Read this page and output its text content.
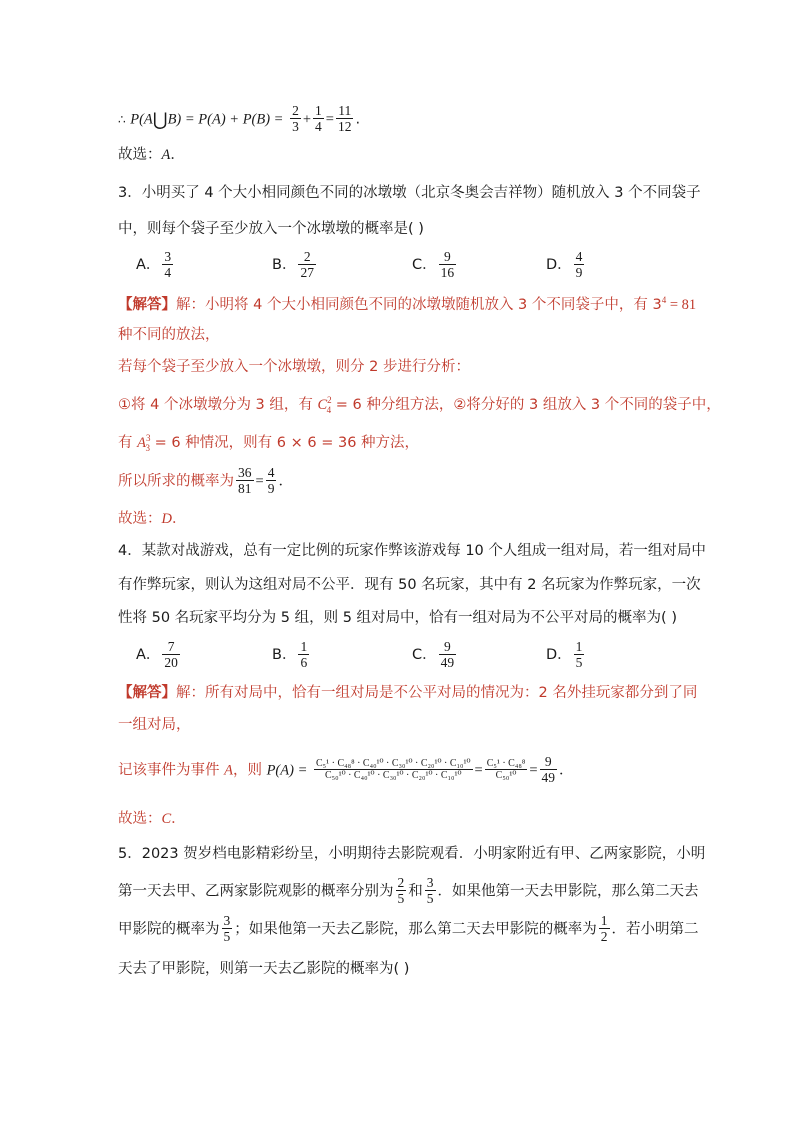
∴ P(A⋃B) = $P(A) + P(B) = \frac{2}{3} + \frac{1}{4} = \frac{11}{12}$ .
故选：A．
3．小明买了 4 个大小相同颜色不同的冰墩墩（北京冬奥会吉祥物）随机放入 3 个不同袋子
中，则每个袋子至少放入一个冰墩墩的概率是( )
A． $\frac{3}{4}$	B． $\frac{2}{27}$	C． $\frac{9}{16}$	D． $\frac{4}{9}$
【解答】解：小明将 4 个大小相同颜色不同的冰墩墩随机放入 3 个不同袋子中，有 $3^4 = 81$
种不同的放法，
若每个袋子至少放入一个冰墩墩，则分 2 步进行分析：
①将 4 个冰墩墩分为 3 组，有 $C^2_4 = 6$ 种分组方法，②将分好的 3 组放入 3 个不同的袋子中，
有 $A^3_3 = 6$ 种情况，则有 6 × 6 = 36 种方法，
所以所求的概率为 $\frac{36}{81} = \frac{4}{9}$ ．
故选：D．
4．某款对战游戏，总有一定比例的玩家作弊该游戏每 10 个人组成一组对局，若一组对局中
有作弊玩家，则认为这组对局不公平．现有 50 名玩家，其中有 2 名玩家为作弊玩家，一次
性将 50 名玩家平均分为 5 组，则 5 组对局中，恰有一组对局为不公平对局的概率为( )
A． $\frac{7}{20}$	B． $\frac{1}{6}$	C． $\frac{9}{49}$	D． $\frac{1}{5}$
【解答】解：所有对局中，恰有一组对局是不公平对局的情况为：2 名外挂玩家都分到了同
一组对局，
记该事件为事件 A，则 $P(A) = \frac{\text{C₅¹ · C₄₈⁸ · C₄₀¹⁰ · C₃₀¹⁰ · C₂₀¹⁰ · C₁₀¹⁰}}{\text{C₅₀¹⁰ · C₄₀¹⁰ · C₃₀¹⁰ · C₂₀¹⁰ · C₁₀¹⁰}} = \frac{\text{C₅¹ · C₄₈⁸}}{\text{C₅₀¹⁰}} = \frac{9}{49}$ ．
故选：C．
5．2023 贺岁档电影精彩纷呈，小明期待去影院观看．小明家附近有甲、乙两家影院，小明
第一天去甲、乙两家影院观影的概率分别为 $\frac{2}{5}$ 和 $\frac{3}{5}$ ．如果他第一天去甲影院，那么第二天去
甲影院的概率为 $\frac{3}{5}$ ；如果他第一天去乙影院，那么第二天去甲影院的概率为 $\frac{1}{2}$ ．若小明第二
天去了甲影院，则第一天去乙影院的概率为( )
